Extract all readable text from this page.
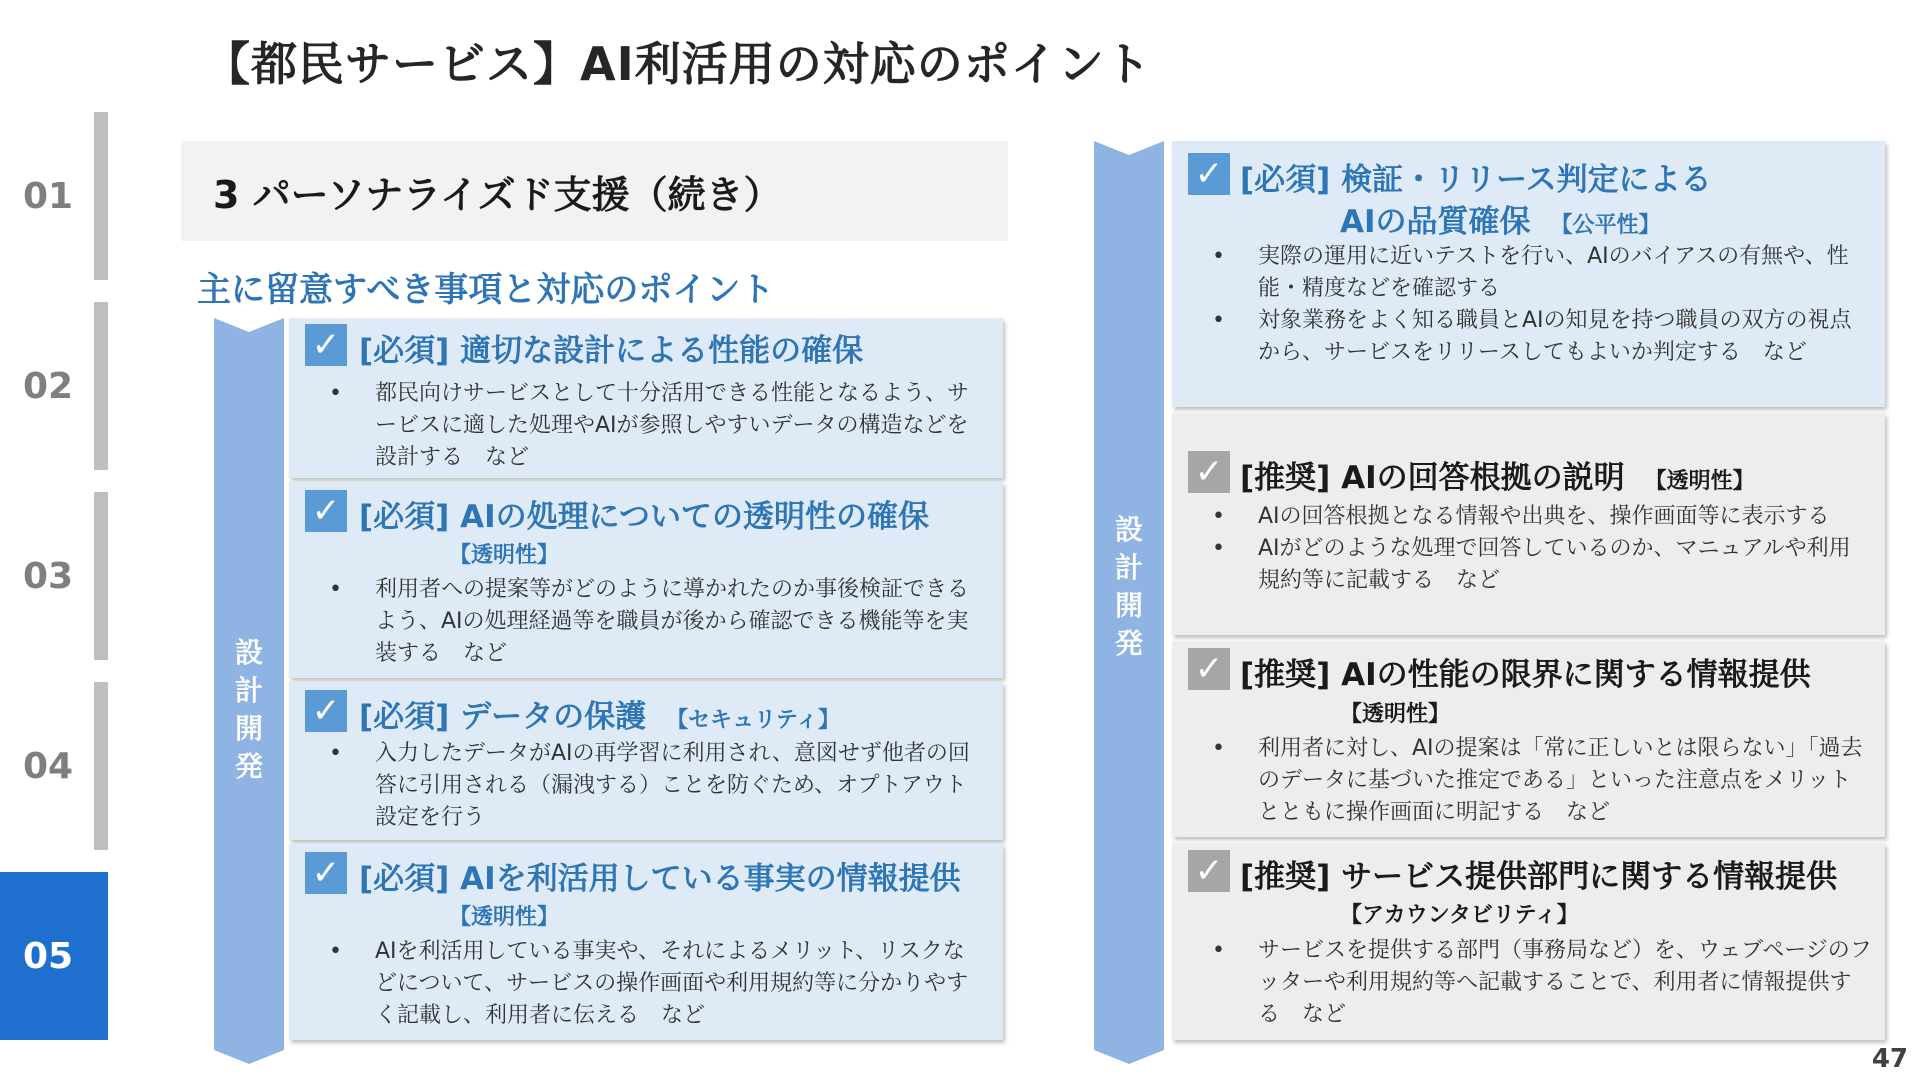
【都民サービス】AI利活用の対応のポイント
01
02
03
04
05
3 パーソナライズド支援（続き）
主に留意すべき事項と対応のポイント
設
計
開
発
✓ [必須] 適切な設計による性能の確保
• 都民向けサービスとして十分活用できる性能となるよう、サービスに適した処理やAIが参照しやすいデータの構造などを設計する　など
✓ [必須] AIの処理についての透明性の確保
【透明性】
• 利用者への提案等がどのように導かれたのか事後検証できるよう、AIの処理経過等を職員が後から確認できる機能等を実装する　など
✓ [必須] データの保護 【セキュリティ】
• 入力したデータがAIの再学習に利用され、意図せず他者の回答に引用される（漏洩する）ことを防ぐため、オプトアウト設定を行う
✓ [必須] AIを利活用している事実の情報提供
【透明性】
• AIを利活用している事実や、それによるメリット、リスクなどについて、サービスの操作画面や利用規約等に分かりやすく記載し、利用者に伝える　など
設
計
開
発
✓ [必須] 検証・リリース判定による
AIの品質確保 【公平性】
• 実際の運用に近いテストを行い、AIのバイアスの有無や、性能・精度などを確認する
• 対象業務をよく知る職員とAIの知見を持つ職員の双方の視点から、サービスをリリースしてもよいか判定する　など
✓ [推奨] AIの回答根拠の説明 【透明性】
• AIの回答根拠となる情報や出典を、操作画面等に表示する
• AIがどのような処理で回答しているのか、マニュアルや利用規約等に記載する　など
✓ [推奨] AIの性能の限界に関する情報提供
【透明性】
• 利用者に対し、AIの提案は「常に正しいとは限らない」「過去のデータに基づいた推定である」といった注意点をメリットとともに操作画面に明記する　など
✓ [推奨] サービス提供部門に関する情報提供
【アカウンタビリティ】
• サービスを提供する部門（事務局など）を、ウェブページのフッターや利用規約等へ記載することで、利用者に情報提供する　など
47
